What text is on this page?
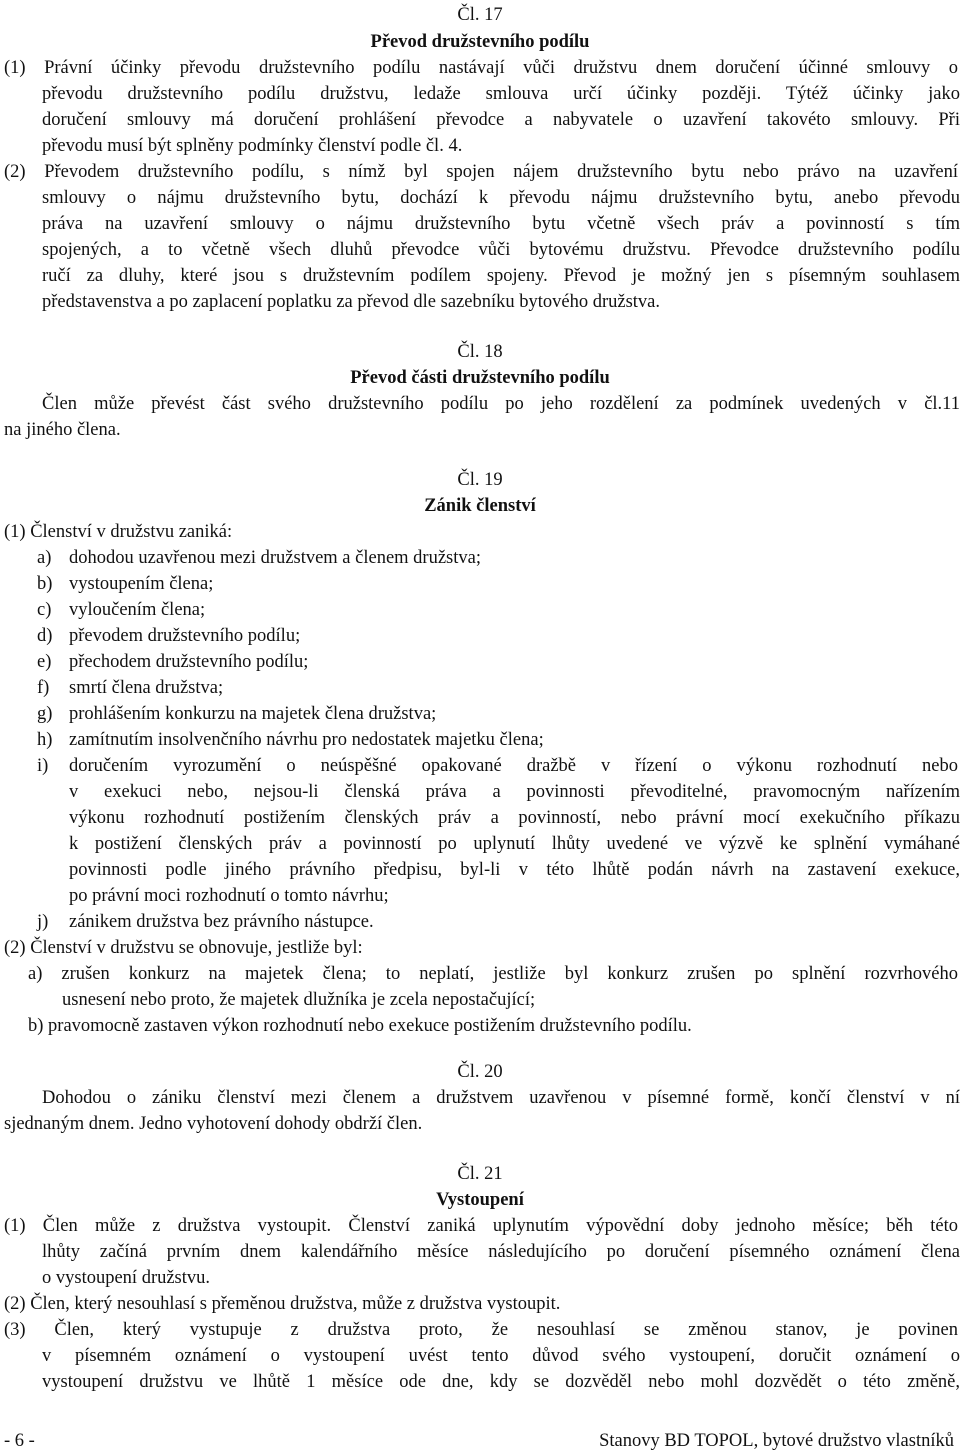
Čl. 17
Převod družstevního podílu
(1) Právní účinky převodu družstevního podílu nastávají vůči družstvu dnem doručení účinné smlouvy o
převodu družstevního podílu družstvu, ledaže smlouva určí účinky později. Týtéž účinky jako
doručení smlouvy má doručení prohlášení převodce a nabyvatele o uzavření takovéto smlouvy. Při
převodu musí být splněny podmínky členství podle čl. 4.
(2) Převodem družstevního podílu, s nímž byl spojen nájem družstevního bytu nebo právo na uzavření
smlouvy o nájmu družstevního bytu, dochází k převodu nájmu družstevního bytu, anebo převodu
práva na uzavření smlouvy o nájmu družstevního bytu včetně všech práv a povinností s tím
spojených, a to včetně všech dluhů převodce vůči bytovému družstvu. Převodce družstevního podílu
ručí za dluhy, které jsou s družstevním podílem spojeny. Převod je možný jen s písemným souhlasem
představenstva a po zaplacení poplatku za převod dle sazebníku bytového družstva.
Čl. 18
Převod části družstevního podílu
Člen může převést část svého družstevního podílu po jeho rozdělení za podmínek uvedených v čl.11
na jiného člena.
Čl. 19
Zánik členství
(1) Členství v družstvu zaniká:
a) dohodou uzavřenou mezi družstvem a členem družstva;
b) vystoupením člena;
c) vyloučením člena;
d) převodem družstevního podílu;
e) přechodem družstevního podílu;
f) smrtí člena družstva;
g) prohlášením konkurzu na majetek člena družstva;
h) zamítnutím insolvenčního návrhu pro nedostatek majetku člena;
i) doručením vyrozumění o neúspěšné opakované dražbě v řízení o výkonu rozhodnutí nebo
v exekuci nebo, nejsou-li členská práva a povinnosti převoditelné, pravomocným nařízením
výkonu rozhodnutí postižením členských práv a povinností, nebo právní mocí exekučního příkazu
k postižení členských práv a povinností po uplynutí lhůty uvedené ve výzvě ke splnění vymáhané
povinnosti podle jiného právního předpisu, byl-li v této lhůtě podán návrh na zastavení exekuce,
po právní moci rozhodnutí o tomto návrhu;
j) zánikem družstva bez právního nástupce.
(2) Členství v družstvu se obnovuje, jestliže byl:
a) zrušen konkurz na majetek člena; to neplatí, jestliže byl konkurz zrušen po splnění rozvrhového
usnesení nebo proto, že majetek dlužníka je zcela nepostačující;
b) pravomocně zastaven výkon rozhodnutí nebo exekuce postižením družstevního podílu.
Čl. 20
Dohodou o zániku členství mezi členem a družstvem uzavřenou v písemné formě, končí členství v ní
sjednaným dnem. Jedno vyhotovení dohody obdrží člen.
Čl. 21
Vystoupení
(1) Člen může z družstva vystoupit. Členství zaniká uplynutím výpovědní doby jednoho měsíce; běh této
lhůty začíná prvním dnem kalendářního měsíce následujícího po doručení písemného oznámení člena
o vystoupení družstvu.
(2) Člen, který nesouhlasí s přeměnou družstva, může z družstva vystoupit.
(3) Člen, který vystupuje z družstva proto, že nesouhlasí se změnou stanov, je povinen
v písemném oznámení o vystoupení uvést tento důvod svého vystoupení, doručit oznámení o
vystoupení družstvu ve lhůtě 1 měsíce ode dne, kdy se dozvěděl nebo mohl dozvědět o této změně,
- 6 -	Stanovy BD TOPOL, bytové družstvo vlastníků
